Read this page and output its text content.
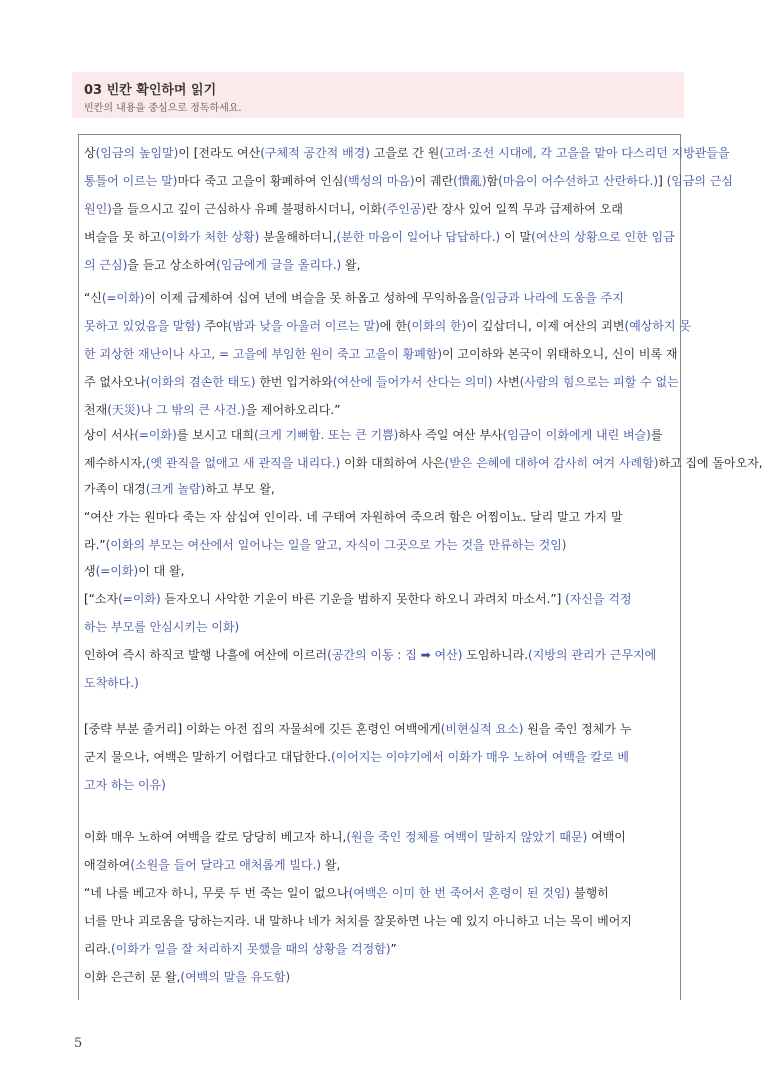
03 빈칸 확인하며 읽기
빈칸의 내용을 중심으로 정독하세요.
상(임금의 높임말)이 [전라도 여산(구체적 공간적 배경) 고을로 간 원(고려·조선 시대에, 각 고을을 맡아 다스리던 지방관들을
통틀어 이르는 말)마다 죽고 고을이 황폐하여 인심(백성의 마음)이 궤란(憒亂)함(마음이 어수선하고 산란하다.)] (임금의 근심
원인)을 들으시고 깊이 근심하사 유폐 불평하시더니, 이화(주인공)란 장사 있어 일찍 무과 급제하여 오래
벼슬을 못 하고(이화가 처한 상황) 분울해하더니,(분한 마음이 일어나 답답하다.) 이 말(여산의 상황으로 인한 임금
의 근심)을 듣고 상소하여(임금에게 글을 올리다.) 왈,
“신(=이화)이 이제 급제하여 십여 년에 벼슬을 못 하옵고 성하에 무익하옴을(임금과 나라에 도움을 주지
못하고 있었음을 말함) 주야(밤과 낮을 아울러 이르는 말)에 한(이화의 한)이 깊삽더니, 이제 여산의 괴변(예상하지 못
한 괴상한 재난이나 사고, = 고을에 부임한 원이 죽고 고을이 황폐함)이 고이하와 본국이 위태하오니, 신이 비록 재
주 없사오나(이화의 겸손한 태도) 한번 입거하와(여산에 들어가서 산다는 의미) 사변(사람의 힘으로는 피할 수 없는
천재(天災)나 그 밖의 큰 사건.)을 제어하오리다.”
상이 서사(=이화)를 보시고 대희(크게 기뻐함. 또는 큰 기쁨)하사 즉일 여산 부사(임금이 이화에게 내린 벼슬)를
제수하시자,(옛 관직을 없애고 새 관직을 내리다.) 이화 대희하여 사은(받은 은혜에 대하여 감사히 여겨 사례함)하고 집에 돌아오자,
가족이 대경(크게 놀람)하고 부모 왈,
“여산 가는 원마다 죽는 자 삼십여 인이라. 네 구태여 자원하여 죽으려 함은 어찜이뇨. 달리 말고 가지 말
라.”(이화의 부모는 여산에서 일어나는 일을 알고, 자식이 그곳으로 가는 것을 만류하는 것임)
생(=이화)이 대 왈,
[“소자(=이화) 듣자오니 사악한 기운이 바른 기운을 범하지 못한다 하오니 과려치 마소서.”] (자신을 걱정
하는 부모를 안심시키는 이화)
인하여 즉시 하직코 발행 나흘에 여산에 이르러(공간의 이동 : 집 ➡ 여산) 도임하니라.(지방의 관리가 근무지에
도착하다.)
[중략 부분 줄거리] 이화는 아전 집의 자물쇠에 깃든 혼령인 여백에게(비현실적 요소) 원을 죽인 정체가 누
군지 물으나, 여백은 말하기 어렵다고 대답한다.(이어지는 이야기에서 이화가 매우 노하여 여백을 칼로 베
고자 하는 이유)
이화 매우 노하여 여백을 칼로 당당히 베고자 하니,(원을 죽인 정체를 여백이 말하지 않았기 때문) 여백이
애걸하여(소원을 들어 달라고 애처롭게 빌다.) 왈,
“네 나를 베고자 하니, 무릇 두 번 죽는 일이 없으나(여백은 이미 한 번 죽어서 혼령이 된 것임) 불행히
너를 만나 괴로움을 당하는지라. 내 말하나 네가 처치를 잘못하면 나는 예 있지 아니하고 너는 목이 베어지
리라.(이화가 일을 잘 처리하지 못했을 때의 상황을 걱정함)”
이화 은근히 문 왈,(여백의 말을 유도함)
5
